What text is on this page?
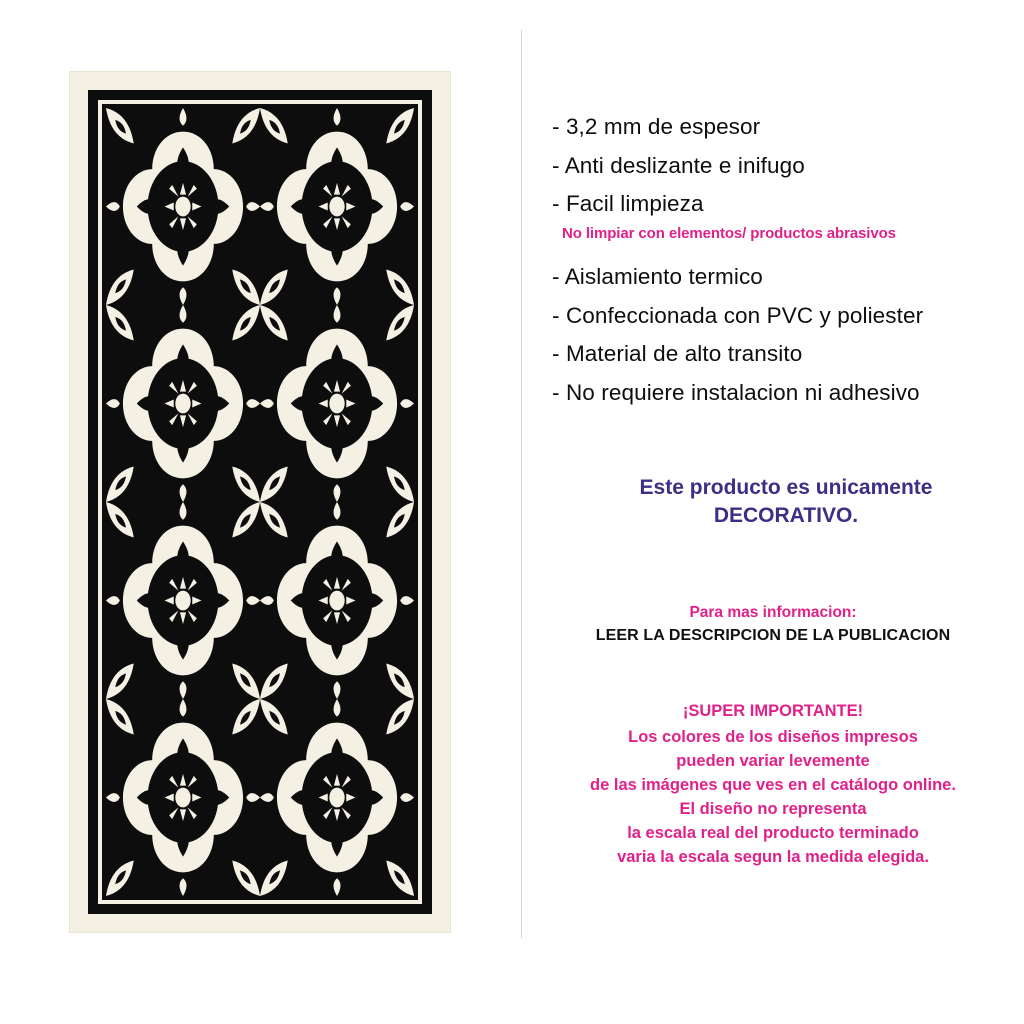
- 3,2 mm de espesor
- Anti deslizante e inifugo
- Facil limpieza
No limpiar con elementos/ productos abrasivos
- Aislamiento termico
- Confeccionada con PVC y poliester
- Material de alto transito
- No requiere instalacion ni adhesivo
Este producto es unicamente
DECORATIVO.
Para mas informacion:
LEER LA DESCRIPCION DE LA PUBLICACION
¡SUPER IMPORTANTE!
Los colores de los diseños impresos
pueden variar levemente
de las imágenes que ves en el catálogo online.
El diseño no representa
la escala real del producto terminado
varia la escala segun la medida elegida.
